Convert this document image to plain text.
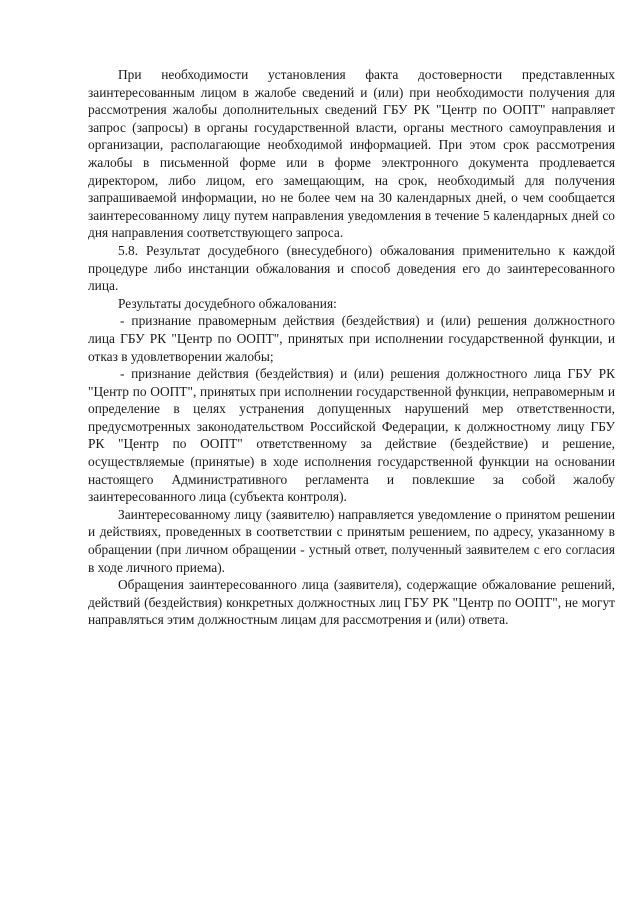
При необходимости установления факта достоверности представленных заинтересованным лицом в жалобе сведений и (или) при необходимости получения для рассмотрения жалобы дополнительных сведений ГБУ РК "Центр по ООПТ" направляет запрос (запросы) в органы государственной власти, органы местного самоуправления и организации, располагающие необходимой информацией. При этом срок рассмотрения жалобы в письменной форме или в форме электронного документа продлевается директором, либо лицом, его замещающим, на срок, необходимый для получения запрашиваемой информации, но не более чем на 30 календарных дней, о чем сообщается заинтересованному лицу путем направления уведомления в течение 5 календарных дней со дня направления соответствующего запроса.

5.8. Результат досудебного (внесудебного) обжалования применительно к каждой процедуре либо инстанции обжалования и способ доведения его до заинтересованного лица.

Результаты досудебного обжалования:

- признание правомерным действия (бездействия) и (или) решения должностного лица ГБУ РК "Центр по ООПТ", принятых при исполнении государственной функции, и отказ в удовлетворении жалобы;

- признание действия (бездействия) и (или) решения должностного лица ГБУ РК "Центр по ООПТ", принятых при исполнении государственной функции, неправомерным и определение в целях устранения допущенных нарушений мер ответственности, предусмотренных законодательством Российской Федерации, к должностному лицу ГБУ РК "Центр по ООПТ" ответственному за действие (бездействие) и решение, осуществляемые (принятые) в ходе исполнения государственной функции на основании настоящего Административного регламента и повлекшие за собой жалобу заинтересованного лица (субъекта контроля).

Заинтересованному лицу (заявителю) направляется уведомление о принятом решении и действиях, проведенных в соответствии с принятым решением, по адресу, указанному в обращении (при личном обращении - устный ответ, полученный заявителем с его согласия в ходе личного приема).

Обращения заинтересованного лица (заявителя), содержащие обжалование решений, действий (бездействия) конкретных должностных лиц ГБУ РК "Центр по ООПТ", не могут направляться этим должностным лицам для рассмотрения и (или) ответа.
